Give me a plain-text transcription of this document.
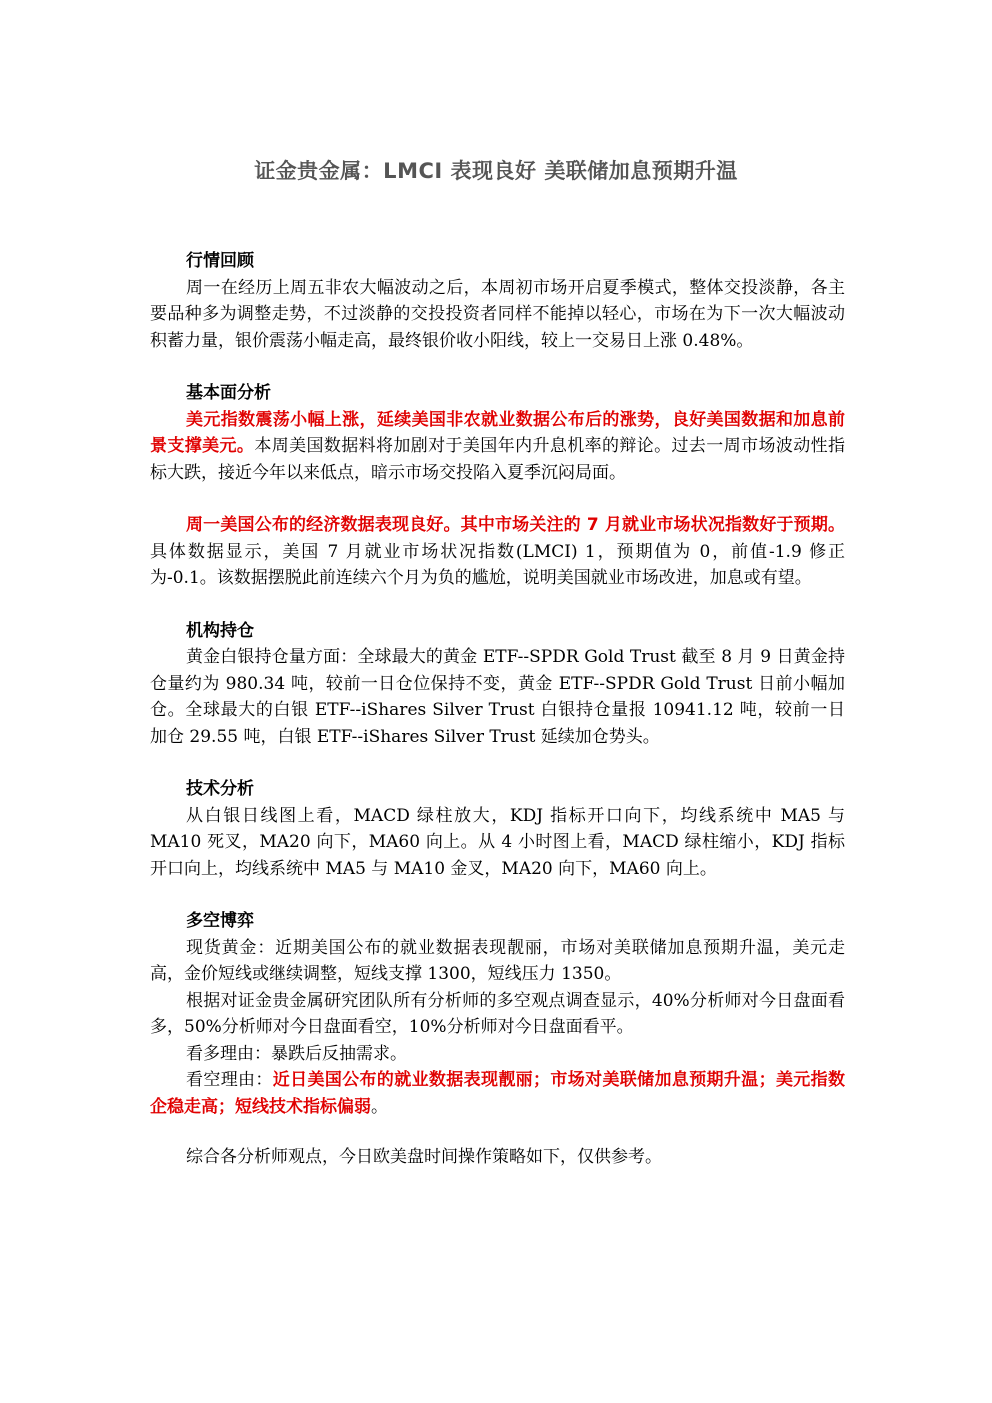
证金贵金属：LMCI 表现良好 美联储加息预期升温

行情回顾

周一在经历上周五非农大幅波动之后，本周初市场开启夏季模式，整体交投淡静，各主要品种多为调整走势，不过淡静的交投投资者同样不能掉以轻心，市场在为下一次大幅波动积蓄力量，银价震荡小幅走高，最终银价收小阳线，较上一交易日上涨 0.48%。

基本面分析

美元指数震荡小幅上涨，延续美国非农就业数据公布后的涨势，良好美国数据和加息前景支撑美元。本周美国数据料将加剧对于美国年内升息机率的辩论。过去一周市场波动性指标大跌，接近今年以来低点，暗示市场交投陷入夏季沉闷局面。

周一美国公布的经济数据表现良好。其中市场关注的 7 月就业市场状况指数好于预期。具体数据显示，美国 7 月就业市场状况指数(LMCI) 1，预期值为 0，前值-1.9 修正为-0.1。该数据摆脱此前连续六个月为负的尴尬，说明美国就业市场改进，加息或有望。

机构持仓

黄金白银持仓量方面：全球最大的黄金 ETF--SPDR Gold Trust 截至 8 月 9 日黄金持仓量约为 980.34 吨，较前一日仓位保持不变，黄金 ETF--SPDR Gold Trust 日前小幅加仓。全球最大的白银 ETF--iShares Silver Trust 白银持仓量报 10941.12 吨，较前一日加仓 29.55 吨，白银 ETF--iShares Silver Trust 延续加仓势头。

技术分析

从白银日线图上看，MACD 绿柱放大，KDJ 指标开口向下，均线系统中 MA5 与 MA10 死叉，MA20 向下，MA60 向上。从 4 小时图上看，MACD 绿柱缩小，KDJ 指标开口向上，均线系统中 MA5 与 MA10 金叉，MA20 向下，MA60 向上。

多空博弈

现货黄金：近期美国公布的就业数据表现靓丽，市场对美联储加息预期升温，美元走高，金价短线或继续调整，短线支撑 1300，短线压力 1350。

根据对证金贵金属研究团队所有分析师的多空观点调查显示，40%分析师对今日盘面看多，50%分析师对今日盘面看空，10%分析师对今日盘面看平。

看多理由：暴跌后反抽需求。

看空理由：近日美国公布的就业数据表现靓丽；市场对美联储加息预期升温；美元指数企稳走高；短线技术指标偏弱。

综合各分析师观点，今日欧美盘时间操作策略如下，仅供参考。
